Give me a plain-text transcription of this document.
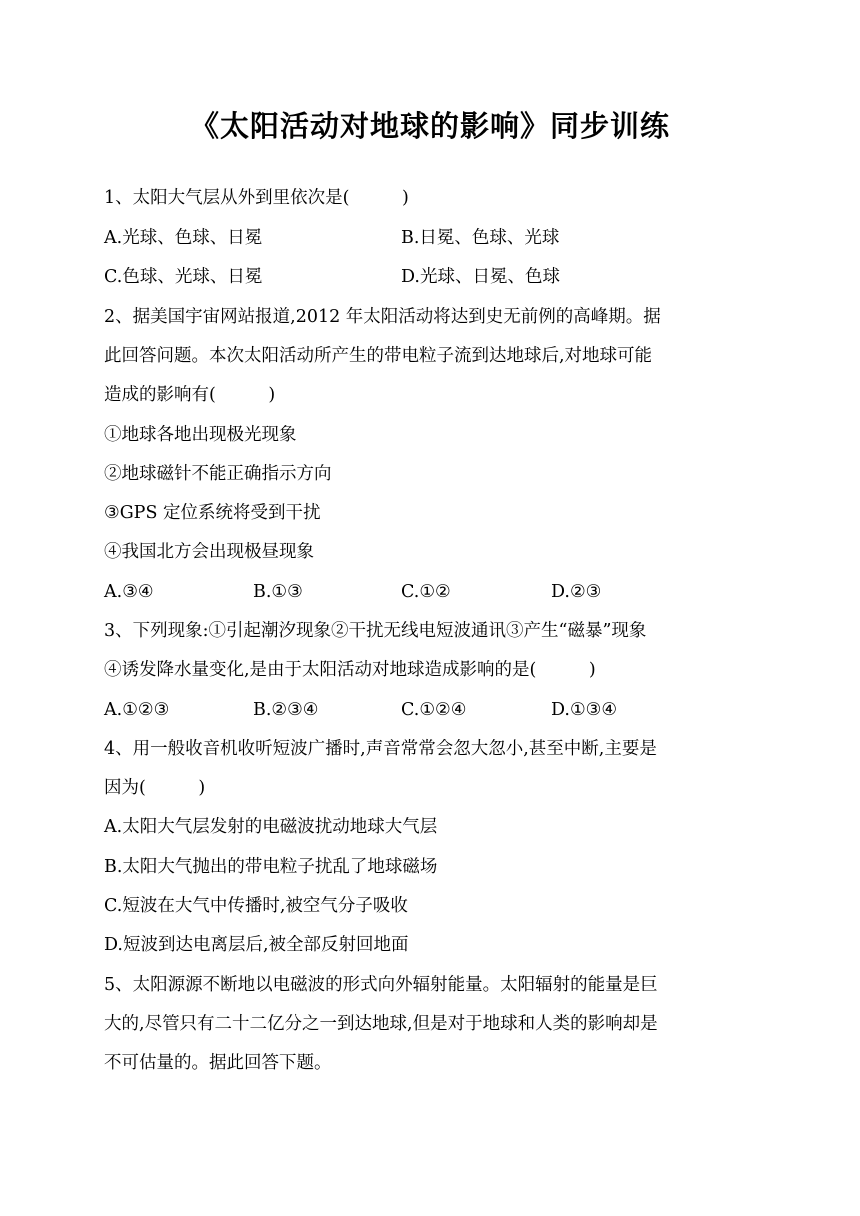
《太阳活动对地球的影响》同步训练
1、太阳大气层从外到里依次是(　　　)
A.光球、色球、日冕	B.日冕、色球、光球
C.色球、光球、日冕	D.光球、日冕、色球
2、据美国宇宙网站报道,2012 年太阳活动将达到史无前例的高峰期。据
此回答问题。本次太阳活动所产生的带电粒子流到达地球后,对地球可能
造成的影响有(　　　)
①地球各地出现极光现象
②地球磁针不能正确指示方向
③GPS 定位系统将受到干扰
④我国北方会出现极昼现象
A.③④	B.①③	C.①②	D.②③
3、下列现象:①引起潮汐现象②干扰无线电短波通讯③产生“磁暴”现象
④诱发降水量变化,是由于太阳活动对地球造成影响的是(　　　)
A.①②③	B.②③④	C.①②④	D.①③④
4、用一般收音机收听短波广播时,声音常常会忽大忽小,甚至中断,主要是
因为(　　　)
A.太阳大气层发射的电磁波扰动地球大气层
B.太阳大气抛出的带电粒子扰乱了地球磁场
C.短波在大气中传播时,被空气分子吸收
D.短波到达电离层后,被全部反射回地面
5、太阳源源不断地以电磁波的形式向外辐射能量。太阳辐射的能量是巨
大的,尽管只有二十二亿分之一到达地球,但是对于地球和人类的影响却是
不可估量的。据此回答下题。
